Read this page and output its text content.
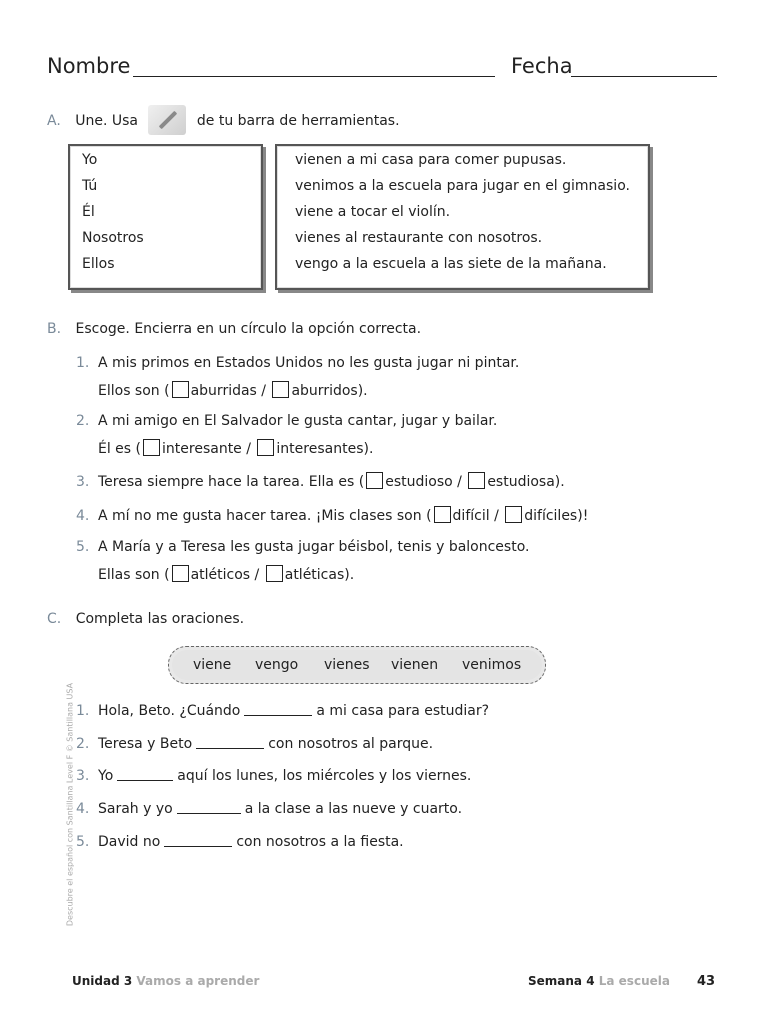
Nombre	Fecha
A. Une. Usa	de tu barra de herramientas.
Yo
Tú
Él
Nosotros
Ellos
vienen a mi casa para comer pupusas.
venimos a la escuela para jugar en el gimnasio.
viene a tocar el violín.
vienes al restaurante con nosotros.
vengo a la escuela a las siete de la mañana.
B. Escoge. Encierra en un círculo la opción correcta.
1. A mis primos en Estados Unidos no les gusta jugar ni pintar.
Ellos son ( aburridas / aburridos).
2. A mi amigo en El Salvador le gusta cantar, jugar y bailar.
Él es ( interesante / interesantes).
3. Teresa siempre hace la tarea. Ella es ( estudioso / estudiosa).
4. A mí no me gusta hacer tarea. ¡Mis clases son ( difícil / difíciles)!
5. A María y a Teresa les gusta jugar béisbol, tenis y baloncesto.
Ellas son ( atléticos / atléticas).
C. Completa las oraciones.
viene vengo vienes vienen venimos
1. Hola, Beto. ¿Cuándo	a mi casa para estudiar?
2. Teresa y Beto	con nosotros al parque.
3. Yo	aquí los lunes, los miércoles y los viernes.
4. Sarah y yo	a la clase a las nueve y cuarto.
5. David no	con nosotros a la fiesta.
Descubre el español con Santillana Level F © Santillana USA
Unidad 3 Vamos a aprender	Semana 4 La escuela 43
